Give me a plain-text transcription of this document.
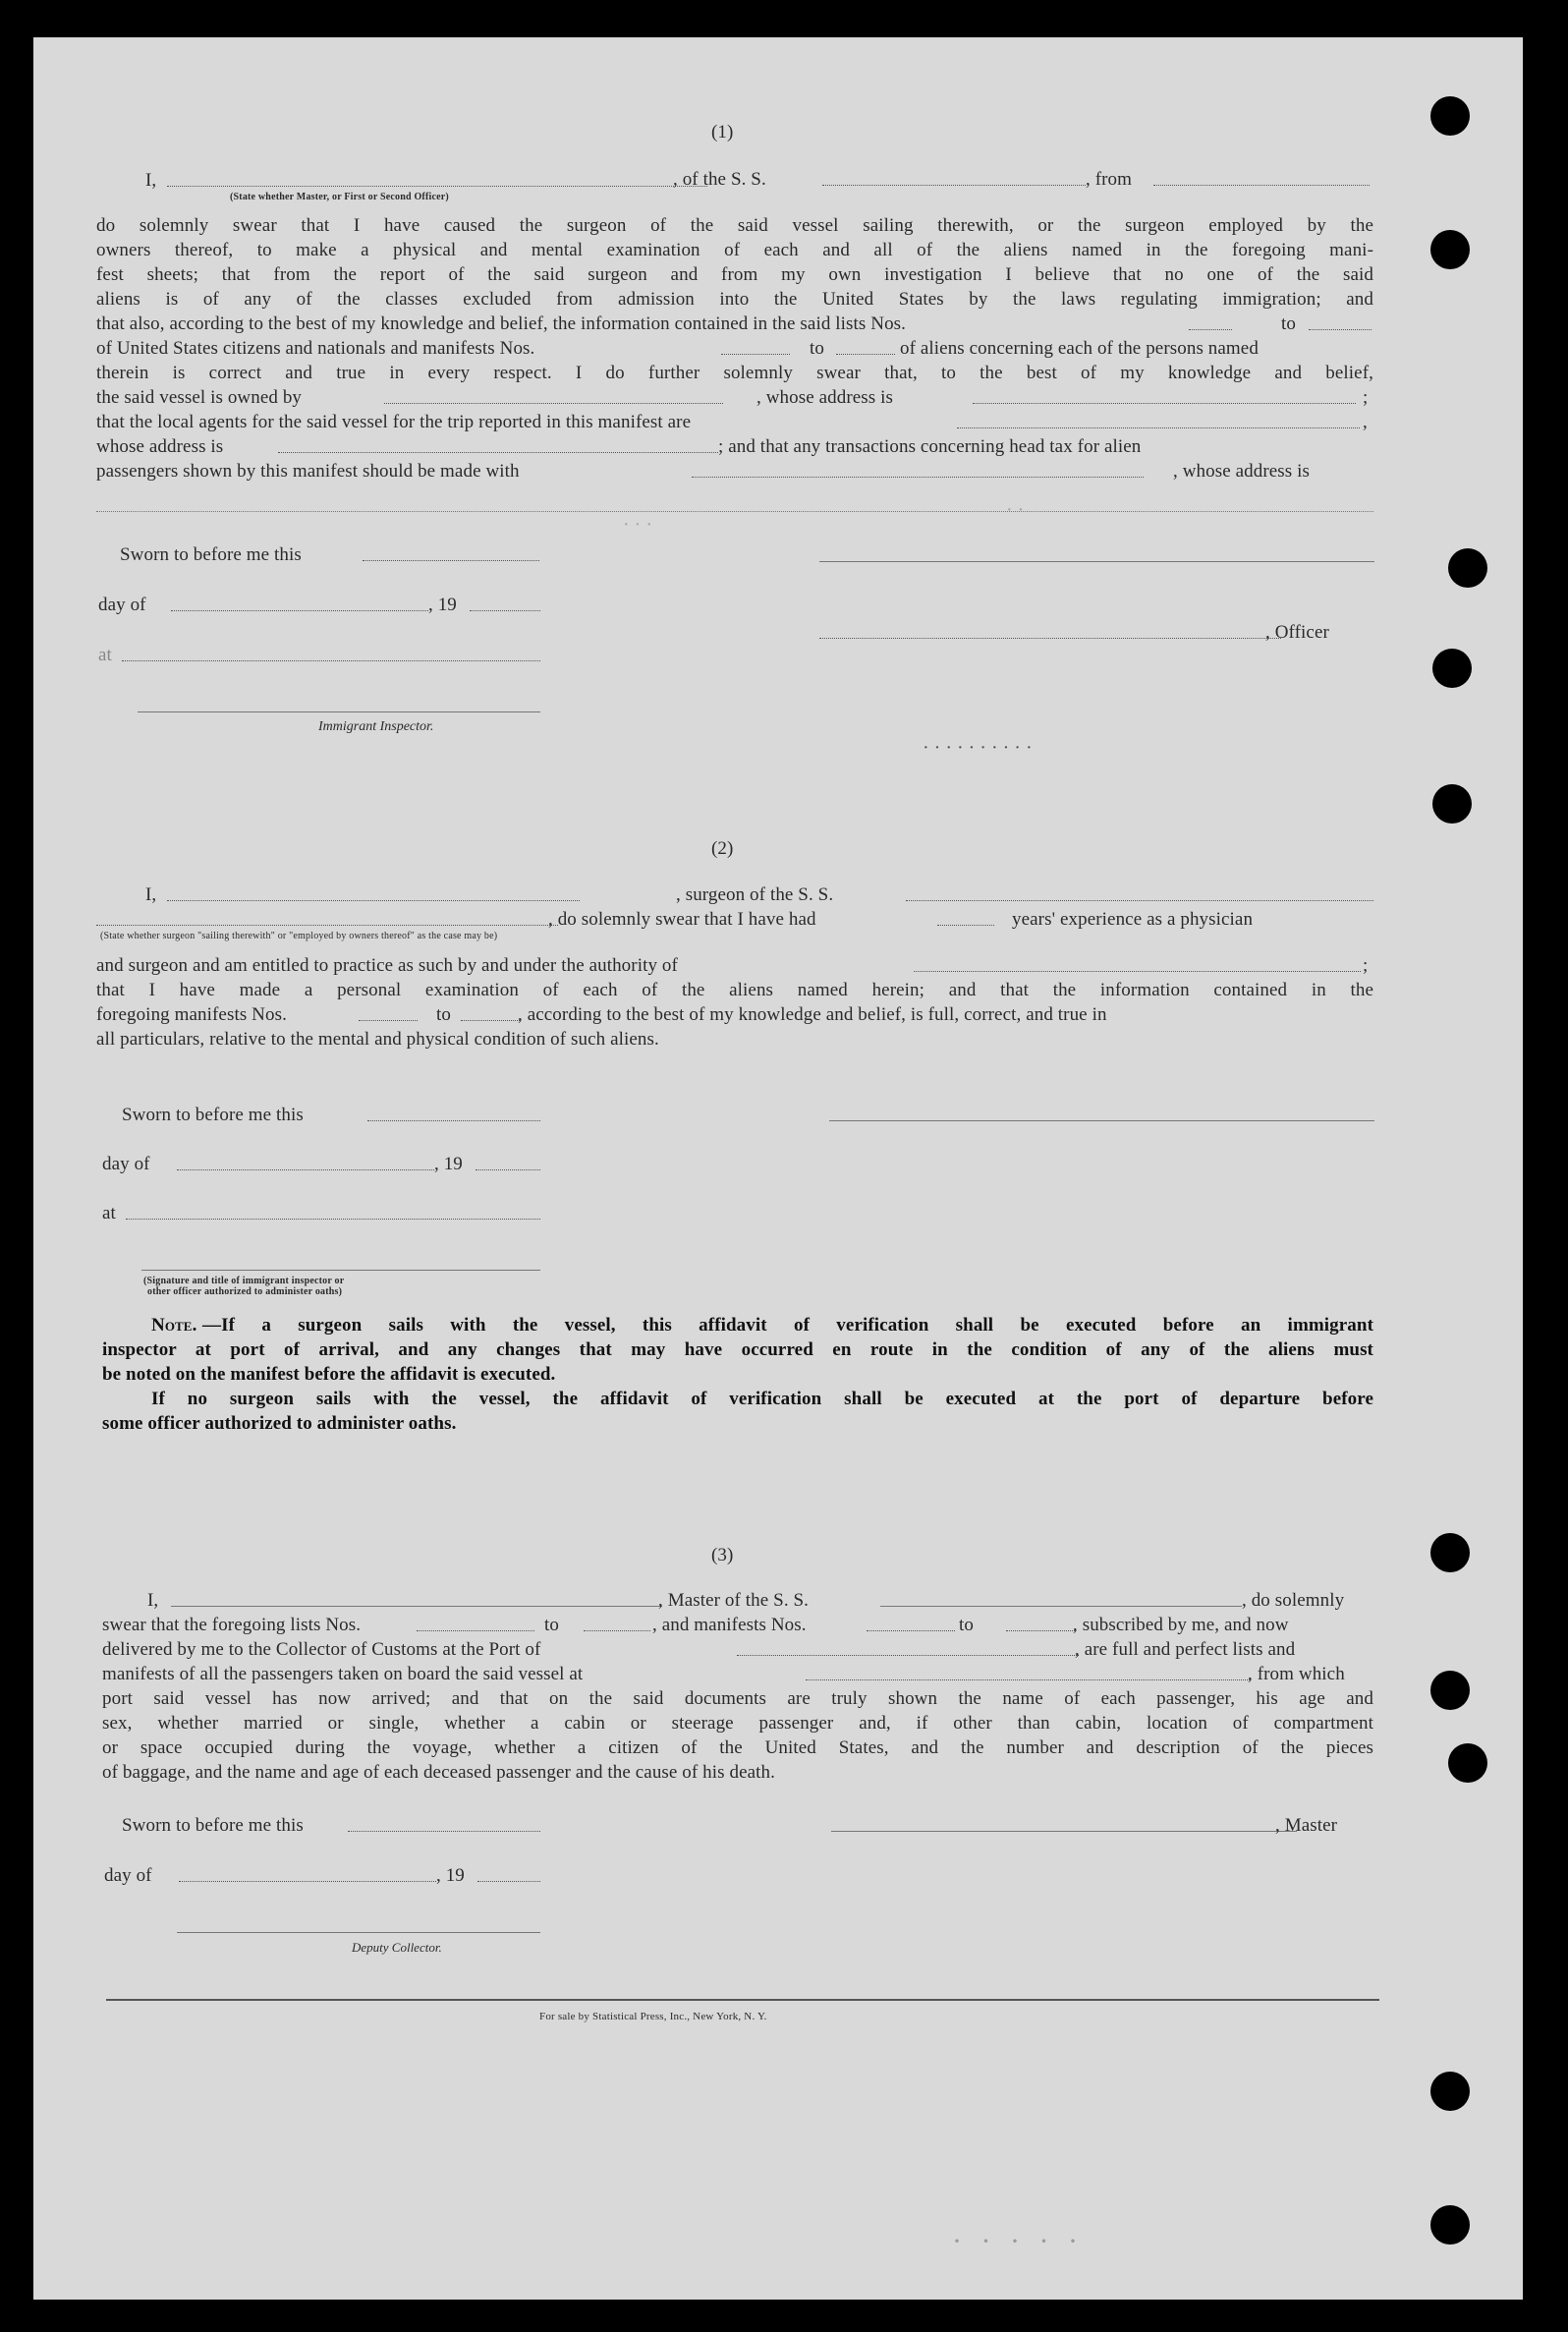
(1)
I,
(State whether Master, or First or Second Officer)
, of the S. S.	, from
do solemnly swear that I have caused the surgeon of the said vessel sailing therewith, or the surgeon employed by the
owners thereof, to make a physical and mental examination of each and all of the aliens named in the foregoing mani-
fest sheets; that from the report of the said surgeon and from my own investigation I believe that no one of the said
aliens is of any of the classes excluded from admission into the United States by the laws regulating immigration; and
that also, according to the best of my knowledge and belief, the information contained in the said lists Nos.	to
of United States citizens and nationals and manifests Nos.	to	of aliens concerning each of the persons named
therein is correct and true in every respect. I do further solemnly swear that, to the best of my knowledge and belief,
the said vessel is owned by	, whose address is	;
that the local agents for the said vessel for the trip reported in this manifest are	,
whose address is	; and that any transactions concerning head tax for alien
passengers shown by this manifest should be made with	, whose address is
· · ·
· ·
Sworn to before me this
day of	, 19
, Officer
at
Immigrant Inspector.
· · · · · · · · · ·
(2)
I,	, surgeon of the S. S.
, do solemnly swear that I have had	years' experience as a physician
(State whether surgeon "sailing therewith" or "employed by owners thereof" as the case may be)
and surgeon and am entitled to practice as such by and under the authority of	;
that I have made a personal examination of each of the aliens named herein; and that the information contained in the
foregoing manifests Nos.	to	, according to the best of my knowledge and belief, is full, correct, and true in
all particulars, relative to the mental and physical condition of such aliens.
Sworn to before me this
day of	, 19
at
(Signature and title of immigrant inspector or
other officer authorized to administer oaths)
Note. —If a surgeon sails with the vessel, this affidavit of verification shall be executed before an immigrant
inspector at port of arrival, and any changes that may have occurred en route in the condition of any of the aliens must
be noted on the manifest before the affidavit is executed.
If no surgeon sails with the vessel, the affidavit of verification shall be executed at the port of departure before
some officer authorized to administer oaths.
(3)
I,	, Master of the S. S.	, do solemnly
swear that the foregoing lists Nos.	to	, and manifests Nos.	to	, subscribed by me, and now
delivered by me to the Collector of Customs at the Port of	, are full and perfect lists and
manifests of all the passengers taken on board the said vessel at	, from which
port said vessel has now arrived; and that on the said documents are truly shown the name of each passenger, his age and
sex, whether married or single, whether a cabin or steerage passenger and, if other than cabin, location of compartment
or space occupied during the voyage, whether a citizen of the United States, and the number and description of the pieces
of baggage, and the name and age of each deceased passenger and the cause of his death.
Sworn to before me this	, Master
day of	, 19
Deputy Collector.
For sale by Statistical Press, Inc., New York, N. Y.
· · · · ·
